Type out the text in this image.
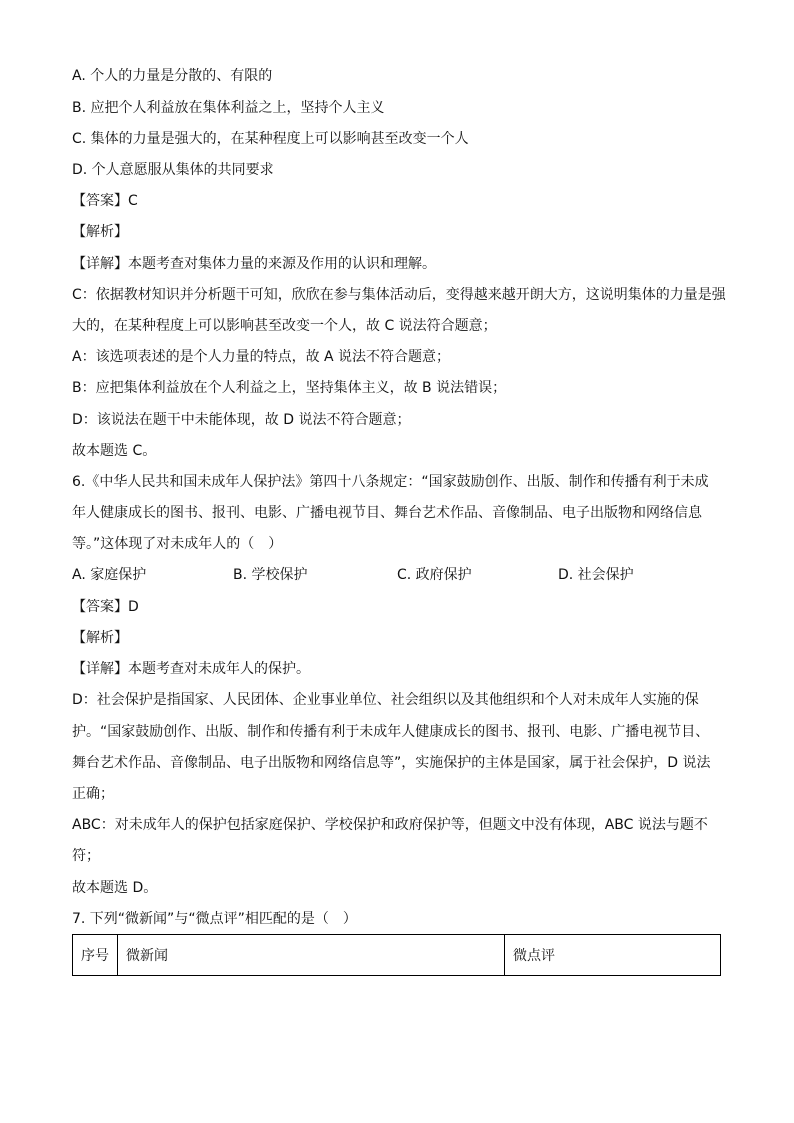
A. 个人的力量是分散的、有限的
B. 应把个人利益放在集体利益之上，坚持个人主义
C. 集体的力量是强大的，在某种程度上可以影响甚至改变一个人
D. 个人意愿服从集体的共同要求
【答案】C
【解析】
【详解】本题考查对集体力量的来源及作用的认识和理解。
C：依据教材知识并分析题干可知，欣欣在参与集体活动后，变得越来越开朗大方，这说明集体的力量是强
大的，在某种程度上可以影响甚至改变一个人，故 C 说法符合题意；
A：该选项表述的是个人力量的特点，故 A 说法不符合题意；
B：应把集体利益放在个人利益之上，坚持集体主义，故 B 说法错误；
D：该说法在题干中未能体现，故 D 说法不符合题意；
故本题选 C。
6.《中华人民共和国未成年人保护法》第四十八条规定：“国家鼓励创作、出版、制作和传播有利于未成
年人健康成长的图书、报刊、电影、广播电视节目、舞台艺术作品、音像制品、电子出版物和网络信息
等。”这体现了对未成年人的（　）
A. 家庭保护	B. 学校保护	C. 政府保护	D. 社会保护
【答案】D
【解析】
【详解】本题考查对未成年人的保护。
D：社会保护是指国家、人民团体、企业事业单位、社会组织以及其他组织和个人对未成年人实施的保
护。“国家鼓励创作、出版、制作和传播有利于未成年人健康成长的图书、报刊、电影、广播电视节目、
舞台艺术作品、音像制品、电子出版物和网络信息等”，实施保护的主体是国家，属于社会保护，D 说法
正确；
ABC：对未成年人的保护包括家庭保护、学校保护和政府保护等，但题文中没有体现，ABC 说法与题不
符；
故本题选 D。
7. 下列“微新闻”与“微点评”相匹配的是（　）
序号	微新闻	微点评
